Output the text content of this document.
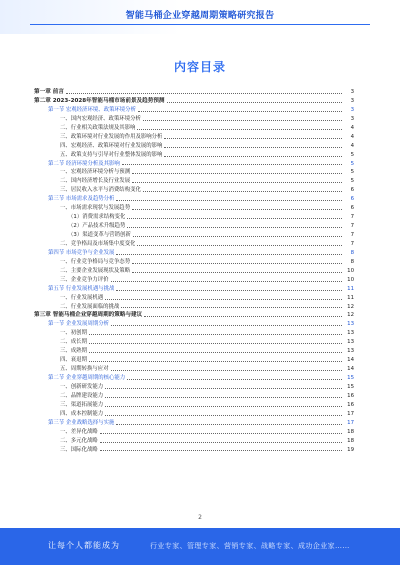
智能马桶企业穿越周期策略研究报告
内容目录
第一章 前言	3
第二章 2023-2028年智能马桶市场前景及趋势预测	3
第一节 宏观经济环境、政策环境分析	3
一、国内宏观经济、政策环境分析	3
二、行业相关政策法规及其影响	4
三、政策环境对行业发展的作用及影响分析	4
四、宏观经济、政策环境对行业发展的影响	4
五、政策支持与引导对行业整体发展的影响	5
第二节 经济环境分析及其影响	5
一、宏观经济环境分析与预测	5
二、国内经济增长及行业发展	5
三、居民收入水平与消费结构变化	6
第三节 市场需求及趋势分析	6
一、市场需求现状与发展趋势	6
（1）消费需求结构变化	7
（2）产品技术升级趋势	7
（3）渠道变革与营销创新	7
二、竞争格局及市场集中度变化	7
第四节 市场竞争与企业发展	8
一、行业竞争格局与竞争态势	8
二、主要企业发展现状及策略	10
三、企业竞争力评价	10
第五节 行业发展机遇与挑战	11
一、行业发展机遇	11
二、行业发展面临的挑战	12
第三章 智能马桶企业穿越周期的策略与建议	12
第一节 企业发展周期分析	13
一、初创期	13
二、成长期	13
三、成熟期	13
四、衰退期	14
五、周期转换与应对	14
第二节 企业穿越周期的核心能力	15
一、创新研发能力	15
二、品牌建设能力	16
三、渠道拓展能力	16
四、成本控制能力	17
第三节 企业战略选择与实施	17
一、差异化战略	18
二、多元化战略	18
三、国际化战略	19
2
让每个人都能成为	行业专家、管理专家、营销专家、战略专家、成功企业家……
